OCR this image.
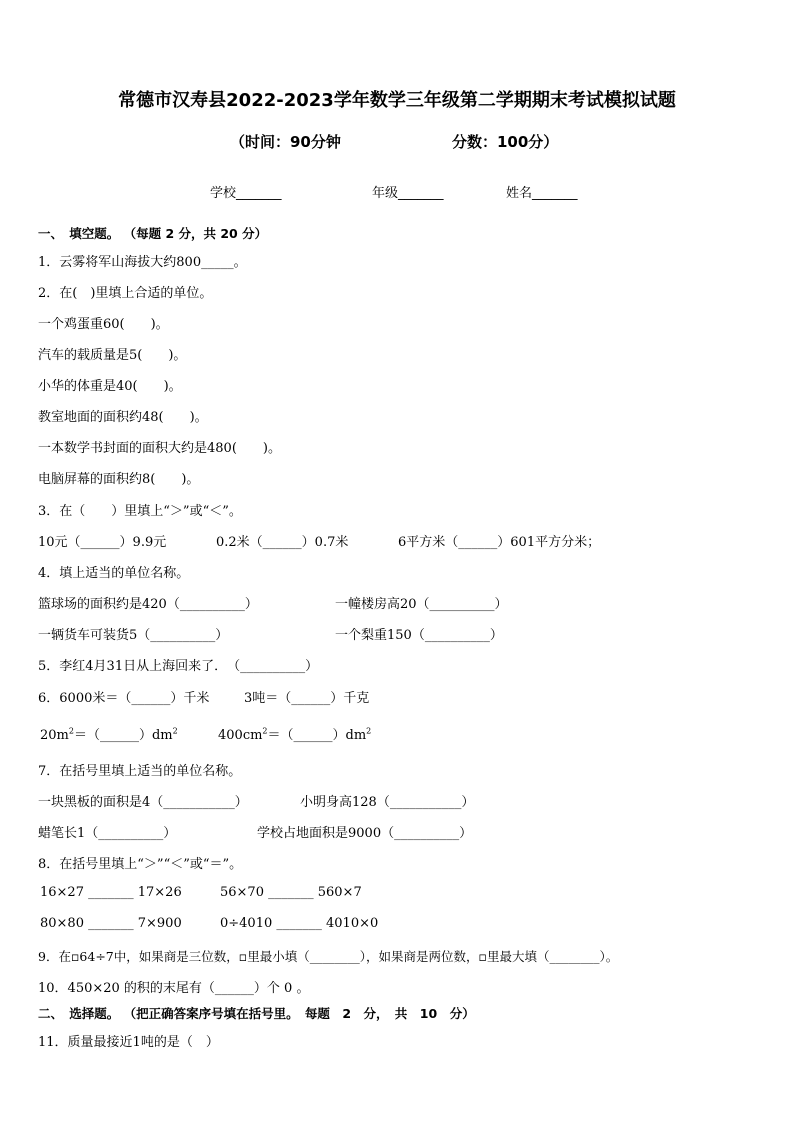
常德市汉寿县2022-2023学年数学三年级第二学期期末考试模拟试题
（时间：90分钟	分数：100分）
学校_______	年级_______	姓名_______
一、　填空题。 （每题 2 分，共 20 分）
1．云雾将军山海拔大约800_____。
2．在(　)里填上合适的单位。
一个鸡蛋重60(　　)。
汽车的载质量是5(　　)。
小华的体重是40(　　)。
教室地面的面积约48(　　)。
一本数学书封面的面积大约是480(　　)。
电脑屏幕的面积约8(　　)。
3．在（　　）里填上“＞”或“＜”。
10元（______）9.9元	0.2米（______）0.7米	6平方米（______）601平方分米；
4．填上适当的单位名称。
篮球场的面积约是420（__________）	一幢楼房高20（__________）
一辆货车可装货5（__________）	一个梨重150（__________）
5．李红4月31日从上海回来了．　（__________）
6．6000米＝（______）千米	3吨＝（______）千克
$20m^2=(\_\_\_\_\_\_)dm^2$	$400cm^2=(\_\_\_\_\_\_)dm^2$
7．在括号里填上适当的单位名称。
一块黑板的面积是4（___________）	小明身高128（___________）
蜡笔长1（__________）	学校占地面积是9000（__________）
8．在括号里填上“＞”“＜”或“＝”。
16×27 _______ 17×26	56×70 _______ 560×7
80×80 _______ 7×900	0÷4010 _______ 4010×0
9．在▫64÷7中，如果商是三位数，▫里最小填（________），如果商是两位数，▫里最大填（________）。
10．450×20 的积的末尾有（______）个 0 。
二、　选择题。 （把正确答案序号填在括号里。　每题　2　分，　共　10　分）
11．质量最接近1吨的是（　）
